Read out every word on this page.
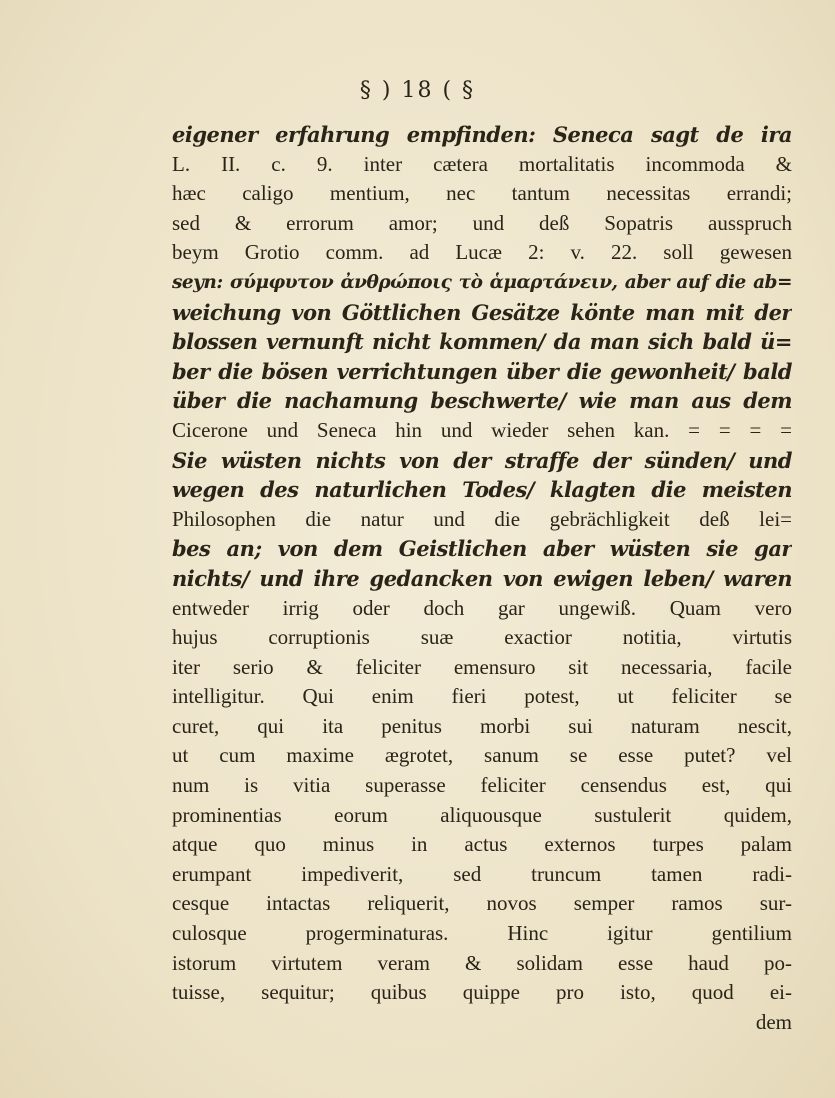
§ ) 18 ( §
eigener erfahrung empfinden: Seneca sagt de ira
L. II. c. 9. inter cætera mortalitatis incommoda &
hæc caligo mentium, nec tantum necessitas errandi;
sed & errorum amor; und deß Sopatris ausspruch
beym Grotio comm. ad Lucæ 2: v. 22. soll gewesen
seyn: σύμφυτον ἀνθρώποις τὸ ἁμαρτάνειν, aber auf die ab=
weichung von Göttlichen Gesätze könte man mit der
blossen vernunft nicht kommen/ da man sich bald ü=
ber die bösen verrichtungen über die gewonheit/ bald
über die nachamung beschwerte/ wie man aus dem
Cicerone und Seneca hin und wieder sehen kan. = = = =
Sie wüsten nichts von der straffe der sünden/ und
wegen des naturlichen Todes/ klagten die meisten
Philosophen die natur und die gebrächligkeit deß lei=
bes an; von dem Geistlichen aber wüsten sie gar
nichts/ und ihre gedancken von ewigen leben/ waren
entweder irrig oder doch gar ungewiß. Quam vero
hujus corruptionis suæ exactior notitia, virtutis
iter serio & feliciter emensuro sit necessaria, facile
intelligitur. Qui enim fieri potest, ut feliciter se
curet, qui ita penitus morbi sui naturam nescit,
ut cum maxime ægrotet, sanum se esse putet? vel
num is vitia superasse feliciter censendus est, qui
prominentias eorum aliquousque sustulerit quidem,
atque quo minus in actus externos turpes palam
erumpant impediverit, sed truncum tamen radi-
cesque intactas reliquerit, novos semper ramos sur-
culosque progerminaturas. Hinc igitur gentilium
istorum virtutem veram & solidam esse haud po-
tuisse, sequitur; quibus quippe pro isto, quod ei-
dem
